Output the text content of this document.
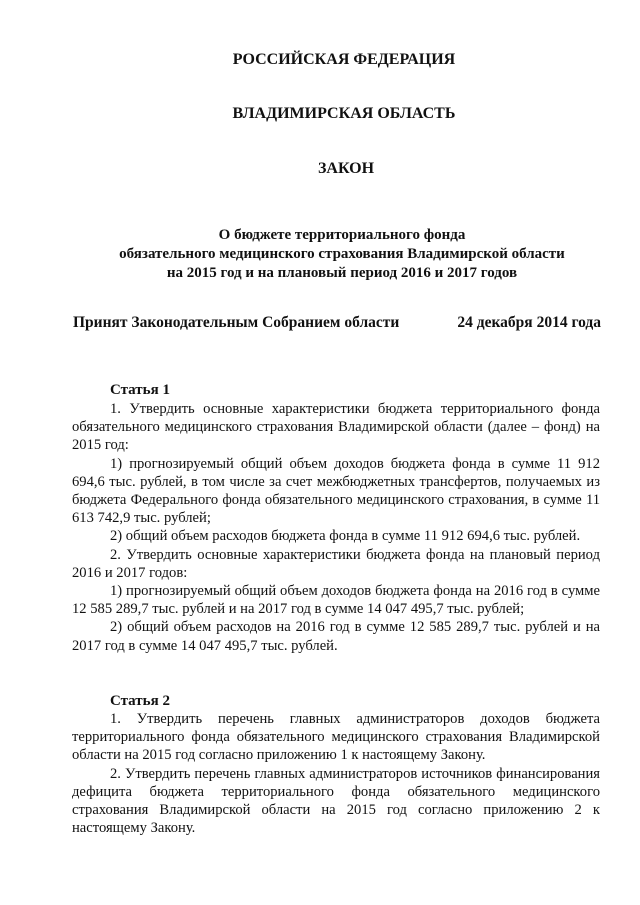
РОССИЙСКАЯ ФЕДЕРАЦИЯ
ВЛАДИМИРСКАЯ ОБЛАСТЬ
ЗАКОН
О бюджете территориального фонда
обязательного медицинского страхования Владимирской области
на 2015 год и на плановый период 2016 и 2017 годов
Принят Законодательным Собранием области	24 декабря 2014 года
Статья 1

1. Утвердить основные характеристики бюджета территориального фонда обязательного медицинского страхования Владимирской области (далее – фонд) на 2015 год:

1) прогнозируемый общий объем доходов бюджета фонда в сумме 11 912 694,6 тыс. рублей, в том числе за счет межбюджетных трансфертов, получаемых из бюджета Федерального фонда обязательного медицинского страхования, в сумме 11 613 742,9 тыс. рублей;

2) общий объем расходов бюджета фонда в сумме 11 912 694,6 тыс. рублей.

2. Утвердить основные характеристики бюджета фонда на плановый период 2016 и 2017 годов:

1) прогнозируемый общий объем доходов бюджета фонда на 2016 год в сумме 12 585 289,7 тыс. рублей и на 2017 год в сумме 14 047 495,7 тыс. рублей;

2) общий объем расходов на 2016 год в сумме 12 585 289,7 тыс. рублей и на 2017 год в сумме 14 047 495,7 тыс. рублей.

Статья 2

1. Утвердить перечень главных администраторов доходов бюджета территориального фонда обязательного медицинского страхования Владимирской области на 2015 год согласно приложению 1 к настоящему Закону.

2. Утвердить перечень главных администраторов источников финансирования дефицита бюджета территориального фонда обязательного медицинского страхования Владимирской области на 2015 год согласно приложению 2 к настоящему Закону.
